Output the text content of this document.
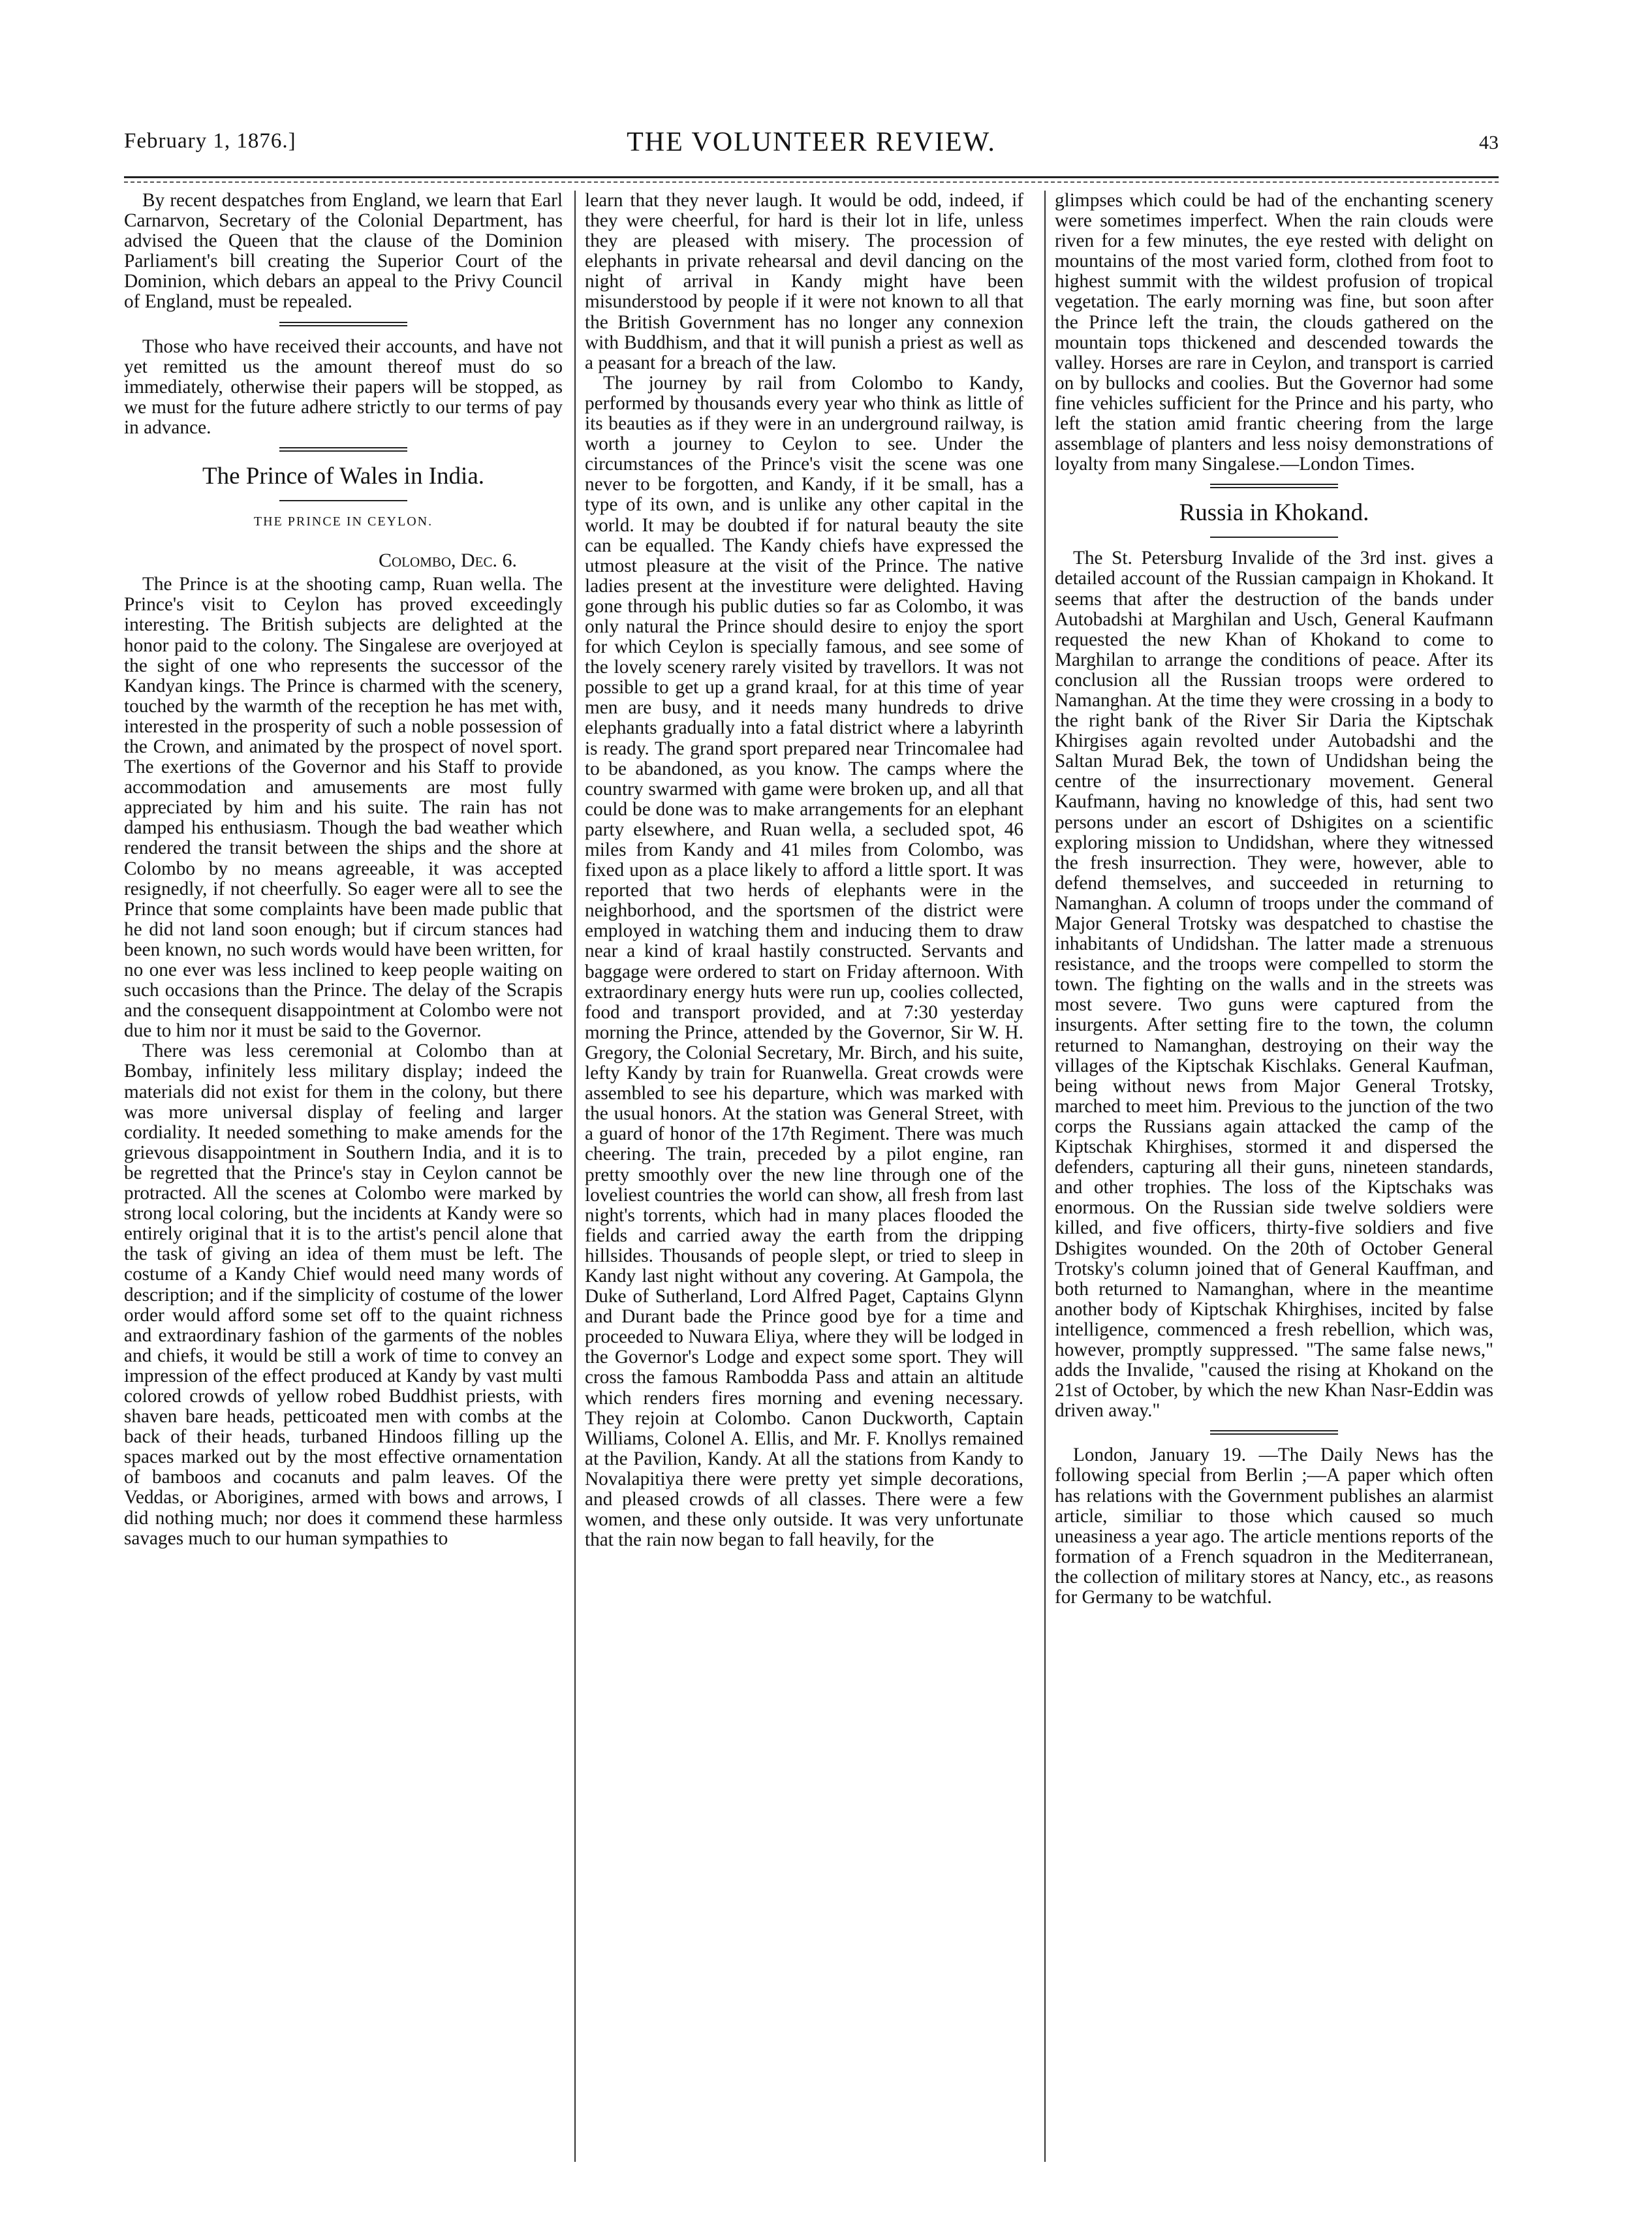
February 1, 1876.]	THE VOLUNTEER REVIEW.	43

By recent despatches from England, we learn that Earl Carnarvon, Secretary of the Colonial Department, has advised the Queen that the clause of the Dominion Parliament's bill creating the Superior Court of the Dominion, which debars an appeal to the Privy Council of England, must be repealed.

Those who have received their accounts, and have not yet remitted us the amount thereof must do so immediately, otherwise their papers will be stopped, as we must for the future adhere strictly to our terms of pay in advance.

The Prince of Wales in India.
THE PRINCE IN CEYLON.
Colombo, Dec. 6.

The Prince is at the shooting camp, Ruan wella. The Prince's visit to Ceylon has proved exceedingly interesting. The British subjects are delighted at the honor paid to the colony. The Singalese are overjoyed at the sight of one who represents the successor of the Kandyan kings. The Prince is charmed with the scenery, touched by the warmth of the reception he has met with, interested in the prosperity of such a noble possession of the Crown, and animated by the prospect of novel sport. The exertions of the Governor and his Staff to provide accommodation and amusements are most fully appreciated by him and his suite. The rain has not damped his enthusiasm. Though the bad weather which rendered the transit between the ships and the shore at Colombo by no means agreeable, it was accepted resignedly, if not cheerfully. So eager were all to see the Prince that some complaints have been made public that he did not land soon enough; but if circum stances had been known, no such words would have been written, for no one ever was less inclined to keep people waiting on such occasions than the Prince. The delay of the Scrapis and the consequent disappointment at Colombo were not due to him nor it must be said to the Governor.

There was less ceremonial at Colombo than at Bombay, infinitely less military display; indeed the materials did not exist for them in the colony, but there was more universal display of feeling and larger cordiality. It needed something to make amends for the grievous disappointment in Southern India, and it is to be regretted that the Prince's stay in Ceylon cannot be protracted. All the scenes at Colombo were marked by strong local coloring, but the incidents at Kandy were so entirely original that it is to the artist's pencil alone that the task of giving an idea of them must be left. The costume of a Kandy Chief would need many words of description; and if the simplicity of costume of the lower order would afford some set off to the quaint richness and extraordinary fashion of the garments of the nobles and chiefs, it would be still a work of time to convey an impression of the effect produced at Kandy by vast multi colored crowds of yellow robed Buddhist priests, with shaven bare heads, petticoated men with combs at the back of their heads, turbaned Hindoos filling up the spaces marked out by the most effective ornamentation of bamboos and cocanuts and palm leaves. Of the Veddas, or Aborigines, armed with bows and arrows, I did nothing much; nor does it commend these harmless savages much to our human sympathies to

learn that they never laugh. It would be odd, indeed, if they were cheerful, for hard is their lot in life, unless they are pleased with misery. The procession of elephants in private rehearsal and devil dancing on the night of arrival in Kandy might have been misunderstood by people if it were not known to all that the British Government has no longer any connexion with Buddhism, and that it will punish a priest as well as a peasant for a breach of the law.

The journey by rail from Colombo to Kandy, performed by thousands every year who think as little of its beauties as if they were in an underground railway, is worth a journey to Ceylon to see. Under the circumstances of the Prince's visit the scene was one never to be forgotten, and Kandy, if it be small, has a type of its own, and is unlike any other capital in the world. It may be doubted if for natural beauty the site can be equalled. The Kandy chiefs have expressed the utmost pleasure at the visit of the Prince. The native ladies present at the investiture were delighted. Having gone through his public duties so far as Colombo, it was only natural the Prince should desire to enjoy the sport for which Ceylon is specially famous, and see some of the lovely scenery rarely visited by travellors. It was not possible to get up a grand kraal, for at this time of year men are busy, and it needs many hundreds to drive elephants gradually into a fatal district where a labyrinth is ready. The grand sport prepared near Trincomalee had to be abandoned, as you know. The camps where the country swarmed with game were broken up, and all that could be done was to make arrangements for an elephant party elsewhere, and Ruan wella, a secluded spot, 46 miles from Kandy and 41 miles from Colombo, was fixed upon as a place likely to afford a little sport. It was reported that two herds of elephants were in the neighborhood, and the sportsmen of the district were employed in watching them and inducing them to draw near a kind of kraal hastily constructed. Servants and baggage were ordered to start on Friday afternoon. With extraordinary energy huts were run up, coolies collected, food and transport provided, and at 7:30 yesterday morning the Prince, attended by the Governor, Sir W. H. Gregory, the Colonial Secretary, Mr. Birch, and his suite, lefty Kandy by train for Ruanwella. Great crowds were assembled to see his departure, which was marked with the usual honors. At the station was General Street, with a guard of honor of the 17th Regiment. There was much cheering. The train, preceded by a pilot engine, ran pretty smoothly over the new line through one of the loveliest countries the world can show, all fresh from last night's torrents, which had in many places flooded the fields and carried away the earth from the dripping hillsides. Thousands of people slept, or tried to sleep in Kandy last night without any covering. At Gampola, the Duke of Sutherland, Lord Alfred Paget, Captains Glynn and Durant bade the Prince good bye for a time and proceeded to Nuwara Eliya, where they will be lodged in the Governor's Lodge and expect some sport. They will cross the famous Rambodda Pass and attain an altitude which renders fires morning and evening necessary. They rejoin at Colombo. Canon Duckworth, Captain Williams, Colonel A. Ellis, and Mr. F. Knollys remained at the Pavilion, Kandy. At all the stations from Kandy to Novalapitiya there were pretty yet simple decorations, and pleased crowds of all classes. There were a few women, and these only outside. It was very unfortunate that the rain now began to fall heavily, for the

glimpses which could be had of the enchanting scenery were sometimes imperfect. When the rain clouds were riven for a few minutes, the eye rested with delight on mountains of the most varied form, clothed from foot to highest summit with the wildest profusion of tropical vegetation. The early morning was fine, but soon after the Prince left the train, the clouds gathered on the mountain tops thickened and descended towards the valley. Horses are rare in Ceylon, and transport is carried on by bullocks and coolies. But the Governor had some fine vehicles sufficient for the Prince and his party, who left the station amid frantic cheering from the large assemblage of planters and less noisy demonstrations of loyalty from many Singalese.—London Times.

Russia in Khokand.

The St. Petersburg Invalide of the 3rd inst. gives a detailed account of the Russian campaign in Khokand. It seems that after the destruction of the bands under Autobadshi at Marghilan and Usch, General Kaufmann requested the new Khan of Khokand to come to Marghilan to arrange the conditions of peace. After its conclusion all the Russian troops were ordered to Namanghan. At the time they were crossing in a body to the right bank of the River Sir Daria the Kiptschak Khirgises again revolted under Autobadshi and the Saltan Murad Bek, the town of Undidshan being the centre of the insurrectionary movement. General Kaufmann, having no knowledge of this, had sent two persons under an escort of Dshigites on a scientific exploring mission to Undidshan, where they witnessed the fresh insurrection. They were, however, able to defend themselves, and succeeded in returning to Namanghan. A column of troops under the command of Major General Trotsky was despatched to chastise the inhabitants of Undidshan. The latter made a strenuous resistance, and the troops were compelled to storm the town. The fighting on the walls and in the streets was most severe. Two guns were captured from the insurgents. After setting fire to the town, the column returned to Namanghan, destroying on their way the villages of the Kiptschak Kischlaks. General Kaufman, being without news from Major General Trotsky, marched to meet him. Previous to the junction of the two corps the Russians again attacked the camp of the Kiptschak Khirghises, stormed it and dispersed the defenders, capturing all their guns, nineteen standards, and other trophies. The loss of the Kiptschaks was enormous. On the Russian side twelve soldiers were killed, and five officers, thirty-five soldiers and five Dshigites wounded. On the 20th of October General Trotsky's column joined that of General Kauffman, and both returned to Namanghan, where in the meantime another body of Kiptschak Khirghises, incited by false intelligence, commenced a fresh rebellion, which was, however, promptly suppressed. "The same false news," adds the Invalide, "caused the rising at Khokand on the 21st of October, by which the new Khan Nasr-Eddin was driven away."

London, January 19. —The Daily News has the following special from Berlin ;—A paper which often has relations with the Government publishes an alarmist article, similiar to those which caused so much uneasiness a year ago. The article mentions reports of the formation of a French squadron in the Mediterranean, the collection of military stores at Nancy, etc., as reasons for Germany to be watchful.
